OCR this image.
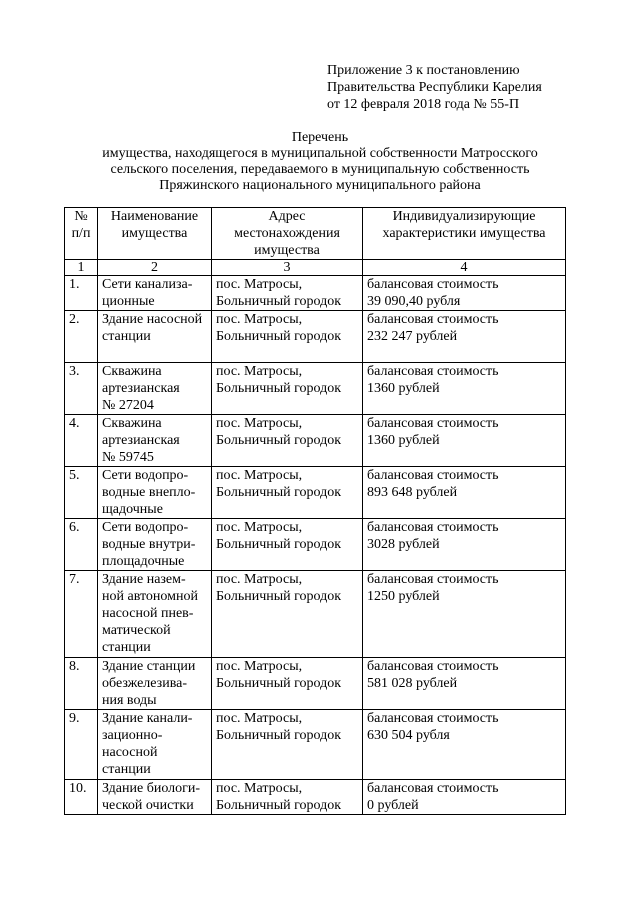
Приложение 3 к постановлению
Правительства Республики Карелия
от 12 февраля 2018 года № 55-П
Перечень
имущества, находящегося в муниципальной собственности Матросского
сельского поселения, передаваемого в муниципальную собственность
Пряжинского национального муниципального района
№ п/п	Наименование имущества	Адрес местонахождения имущества	Индивидуализирующие характеристики имущества
1	2	3	4
1.	Сети канализа-
ционные	пос. Матросы,
Больничный городок	балансовая стоимость
39 090,40 рубля

2.	Здание насосной
станции	пос. Матросы,
Больничный городок	балансовая стоимость
232 247 рублей

3.	Скважина
артезианская
№ 27204	пос. Матросы,
Больничный городок	балансовая стоимость
1360 рублей

4.	Скважина
артезианская
№ 59745	пос. Матросы,
Больничный городок	балансовая стоимость
1360 рублей

5.	Сети водопро-
водные внепло-
щадочные	пос. Матросы,
Больничный городок	балансовая стоимость
893 648 рублей

6.	Сети водопро-
водные внутри-
площадочные	пос. Матросы,
Больничный городок	балансовая стоимость
3028 рублей

7.	Здание назем-
ной автономной
насосной пнев-
матической
станции	пос. Матросы,
Больничный городок	балансовая стоимость
1250 рублей

8.	Здание станции
обезжелезива-
ния воды	пос. Матросы,
Больничный городок	балансовая стоимость
581 028 рублей

9.	Здание канали-
зационно-
насосной
станции	пос. Матросы,
Больничный городок	балансовая стоимость
630 504 рубля

10.	Здание биологи-
ческой очистки	пос. Матросы,
Больничный городок	балансовая стоимость
0 рублей
